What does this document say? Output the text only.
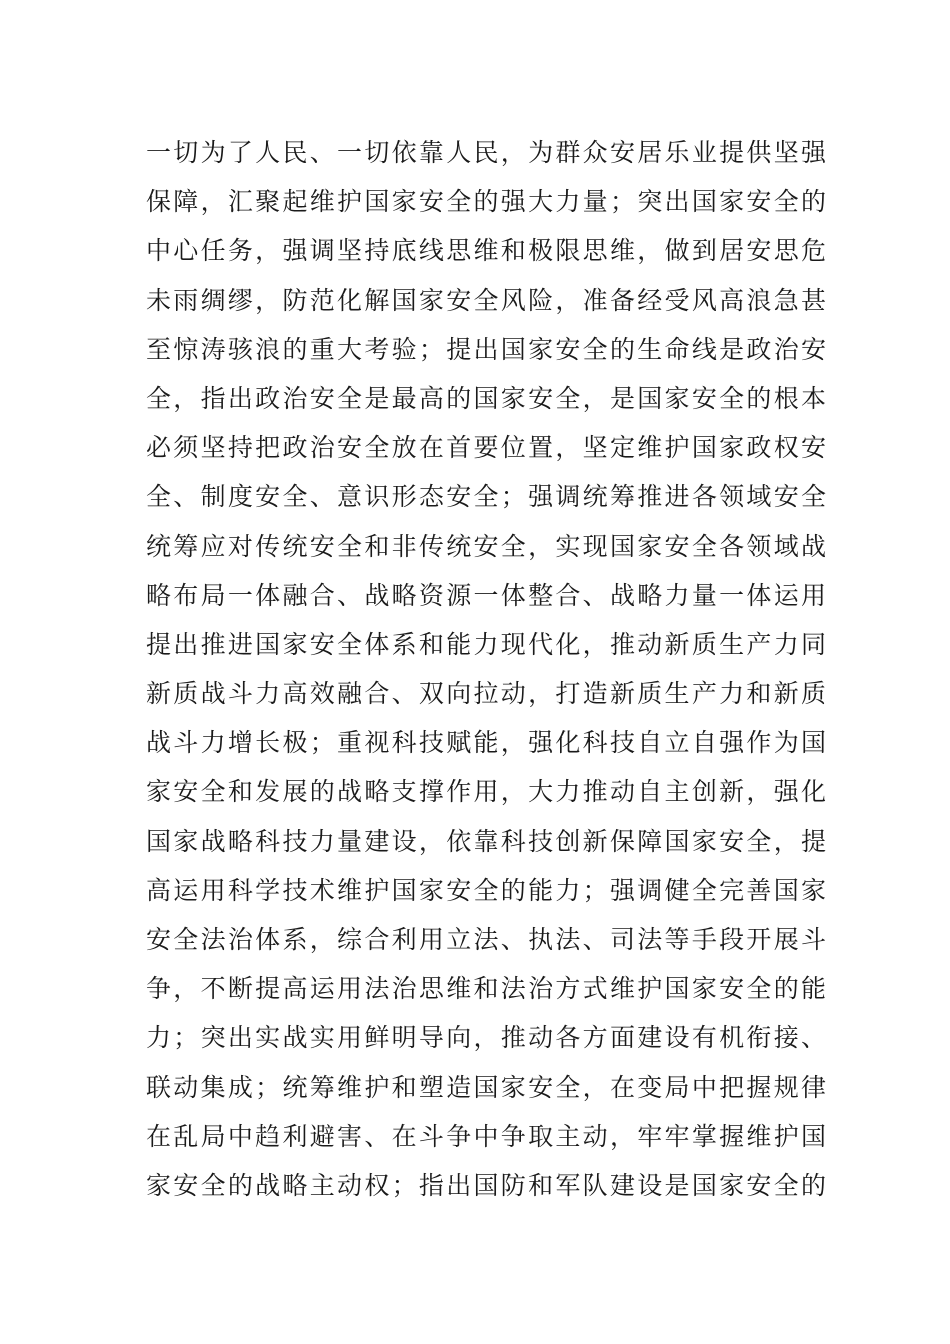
一切为了人民、一切依靠人民，为群众安居乐业提供坚强
保障，汇聚起维护国家安全的强大力量；突出国家安全的
中心任务，强调坚持底线思维和极限思维，做到居安思危
未雨绸缪，防范化解国家安全风险，准备经受风高浪急甚
至惊涛骇浪的重大考验；提出国家安全的生命线是政治安
全，指出政治安全是最高的国家安全，是国家安全的根本
必须坚持把政治安全放在首要位置，坚定维护国家政权安
全、制度安全、意识形态安全；强调统筹推进各领域安全
统筹应对传统安全和非传统安全，实现国家安全各领域战
略布局一体融合、战略资源一体整合、战略力量一体运用
提出推进国家安全体系和能力现代化，推动新质生产力同
新质战斗力高效融合、双向拉动，打造新质生产力和新质
战斗力增长极；重视科技赋能，强化科技自立自强作为国
家安全和发展的战略支撑作用，大力推动自主创新，强化
国家战略科技力量建设，依靠科技创新保障国家安全，提
高运用科学技术维护国家安全的能力；强调健全完善国家
安全法治体系，综合利用立法、执法、司法等手段开展斗
争，不断提高运用法治思维和法治方式维护国家安全的能
力；突出实战实用鲜明导向，推动各方面建设有机衔接、
联动集成；统筹维护和塑造国家安全，在变局中把握规律
在乱局中趋利避害、在斗争中争取主动，牢牢掌握维护国
家安全的战略主动权；指出国防和军队建设是国家安全的
